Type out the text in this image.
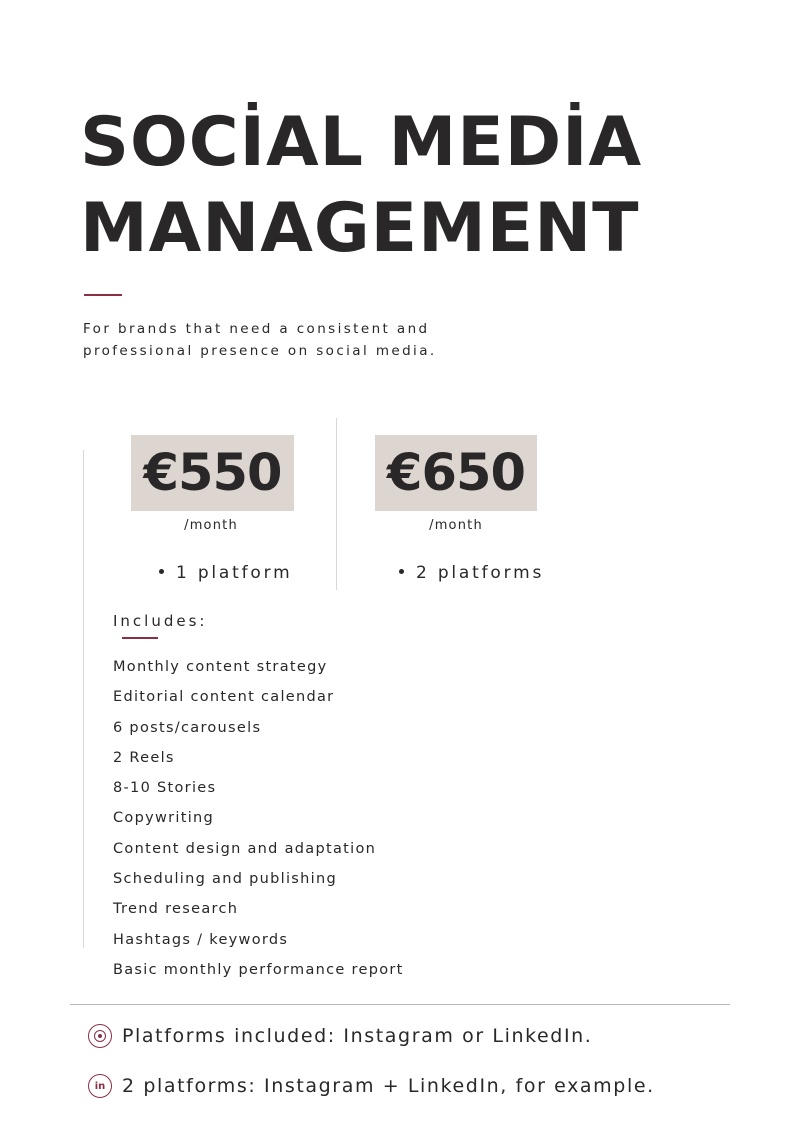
SOCİAL MEDİA
MANAGEMENT
For brands that need a consistent and professional presence on social media.
€550
/month
1 platform
€650
/month
2 platforms
Includes:
Monthly content strategy
Editorial content calendar
6 posts/carousels
2 Reels
8-10 Stories
Copywriting
Content design and adaptation
Scheduling and publishing
Trend research
Hashtags / keywords
Basic monthly performance report
Platforms included: Instagram or LinkedIn.
in 2 platforms: Instagram + LinkedIn, for example.
